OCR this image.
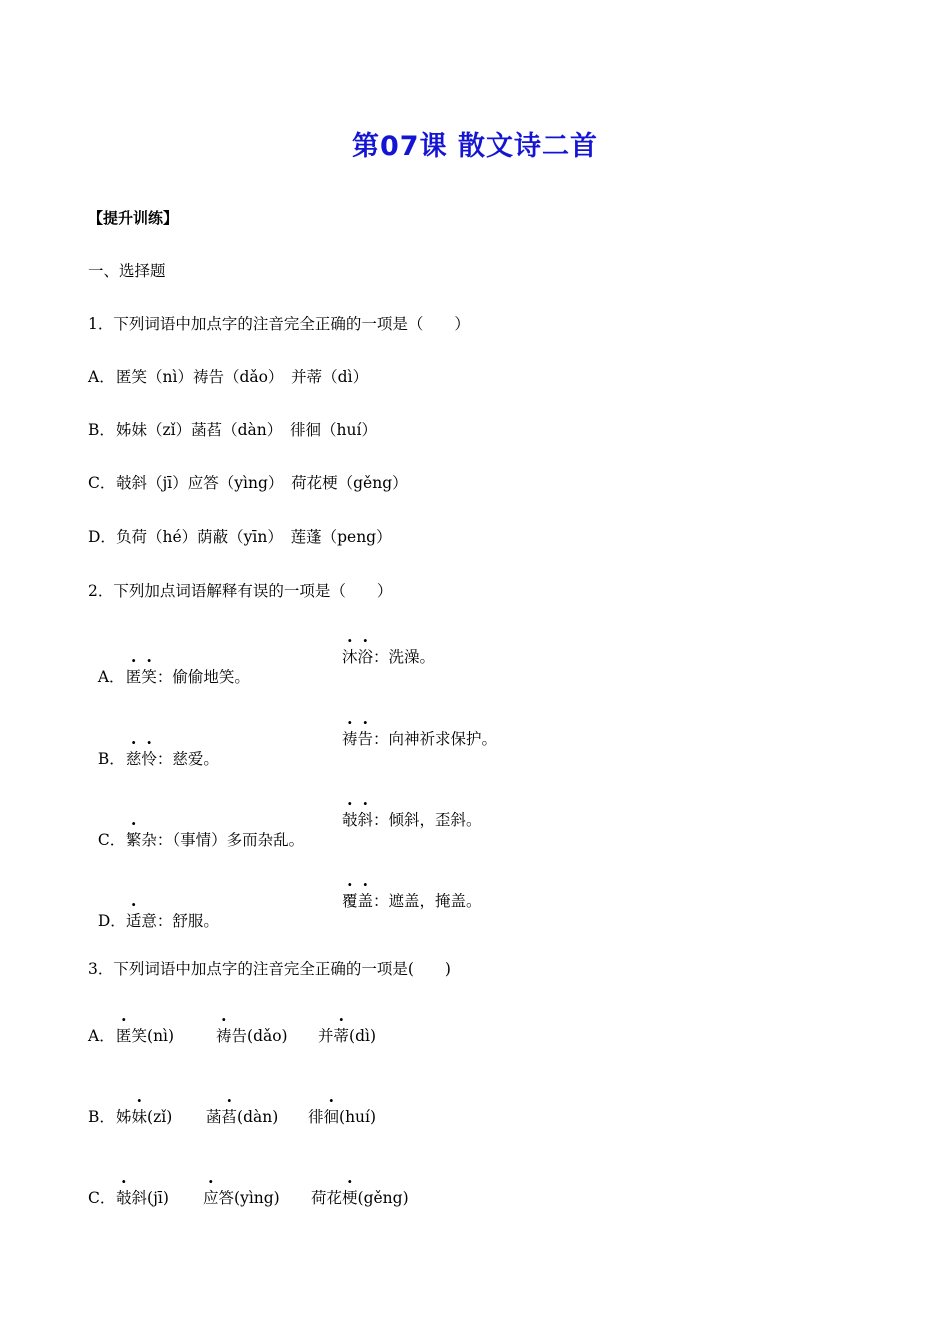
第07课 散文诗二首
【提升训练】
一、选择题
1．下列词语中加点字的注音完全正确的一项是（　　）
A．匿笑（nì）祷告（dǎo）　并蒂（dì）
B．姊妹（zǐ）菡萏（dàn）　徘徊（huí）
C．攲斜（jī）应答（yìng）　荷花梗（gěng）
D．负荷（hé）荫蔽（yīn）　莲蓬（peng）
2．下列加点词语解释有误的一项是（　　）

A．匿笑：偷偷地笑。

沐浴：洗澡。

B．慈怜：慈爱。

祷告：向神祈求保护。

C．繁杂：（事情）多而杂乱。

攲斜：倾斜，歪斜。

D．适意：舒服。

覆盖：遮盖，掩盖。
3．下列词语中加点字的注音完全正确的一项是(　　)
A． 匿笑(nì)	祷告(dǎo) 并蒂(dì)
B． 姊妹(zǐ) 菡萏(dàn) 徘徊(huí)
C． 攲斜(jī) 应答(yìng) 荷花梗(gěng)
